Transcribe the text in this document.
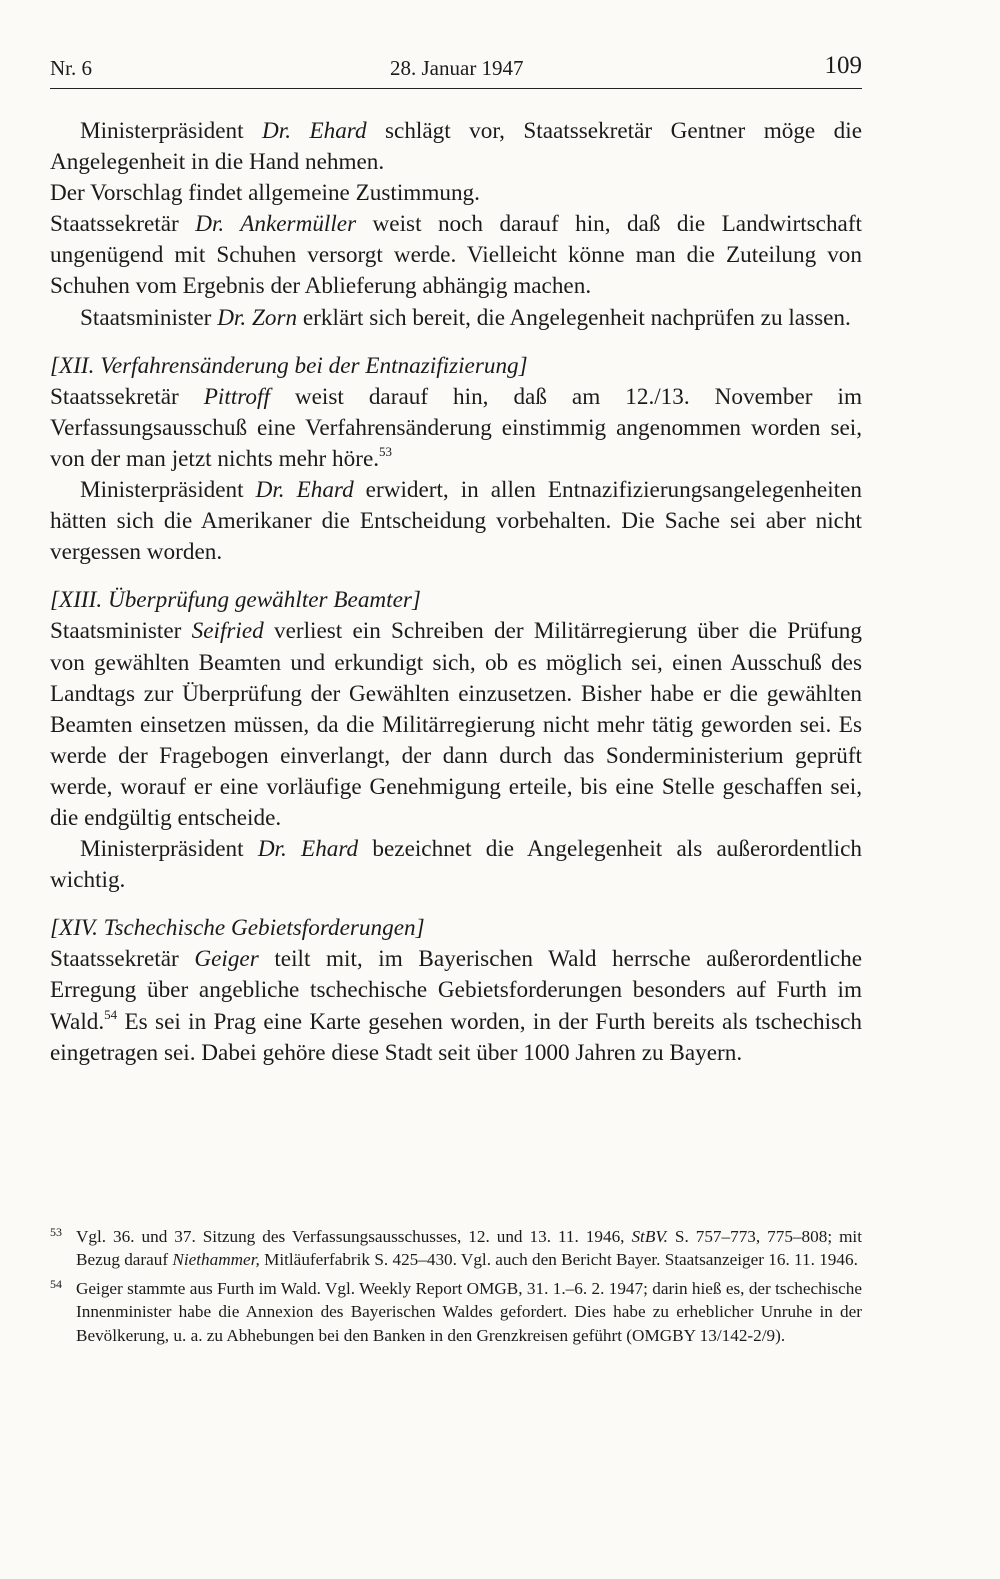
Nr. 6	28. Januar 1947	109

Ministerpräsident Dr. Ehard schlägt vor, Staatssekretär Gentner möge die Angelegenheit in die Hand nehmen.

Der Vorschlag findet allgemeine Zustimmung.

Staatssekretär Dr. Ankermüller weist noch darauf hin, daß die Landwirtschaft ungenügend mit Schuhen versorgt werde. Vielleicht könne man die Zuteilung von Schuhen vom Ergebnis der Ablieferung abhängig machen.

Staatsminister Dr. Zorn erklärt sich bereit, die Angelegenheit nachprüfen zu lassen.

[XII. Verfahrensänderung bei der Entnazifizierung]

Staatssekretär Pittroff weist darauf hin, daß am 12./13. November im Verfassungsausschuß eine Verfahrensänderung einstimmig angenommen worden sei, von der man jetzt nichts mehr höre.$^{53}$

Ministerpräsident Dr. Ehard erwidert, in allen Entnazifizierungsangelegenheiten hätten sich die Amerikaner die Entscheidung vorbehalten. Die Sache sei aber nicht vergessen worden.

[XIII. Überprüfung gewählter Beamter]

Staatsminister Seifried verliest ein Schreiben der Militärregierung über die Prüfung von gewählten Beamten und erkundigt sich, ob es möglich sei, einen Ausschuß des Landtags zur Überprüfung der Gewählten einzusetzen. Bisher habe er die gewählten Beamten einsetzen müssen, da die Militärregierung nicht mehr tätig geworden sei. Es werde der Fragebogen einverlangt, der dann durch das Sonderministerium geprüft werde, worauf er eine vorläufige Genehmigung erteile, bis eine Stelle geschaffen sei, die endgültig entscheide.

Ministerpräsident Dr. Ehard bezeichnet die Angelegenheit als außerordentlich wichtig.

[XIV. Tschechische Gebietsforderungen]

Staatssekretär Geiger teilt mit, im Bayerischen Wald herrsche außerordentliche Erregung über angebliche tschechische Gebietsforderungen besonders auf Furth im Wald.$^{54}$ Es sei in Prag eine Karte gesehen worden, in der Furth bereits als tschechisch eingetragen sei. Dabei gehöre diese Stadt seit über 1000 Jahren zu Bayern.

53 Vgl. 36. und 37. Sitzung des Verfassungsausschusses, 12. und 13. 11. 1946, StBV. S. 757–773, 775–808; mit Bezug darauf Niethammer, Mitläuferfabrik S. 425–430. Vgl. auch den Bericht Bayer. Staatsanzeiger 16. 11. 1946.

54 Geiger stammte aus Furth im Wald. Vgl. Weekly Report OMGB, 31. 1.–6. 2. 1947; darin hieß es, der tschechische Innenminister habe die Annexion des Bayerischen Waldes gefordert. Dies habe zu erheblicher Unruhe in der Bevölkerung, u. a. zu Abhebungen bei den Banken in den Grenzkreisen geführt (OMGBY 13/142-2/9).
